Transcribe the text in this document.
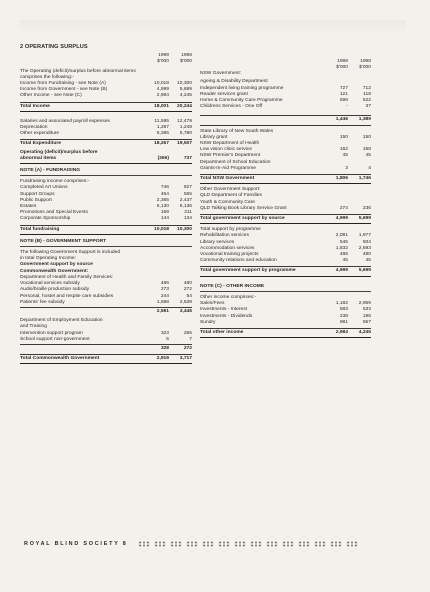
2 OPERATING SURPLUS
1999	1998
$'000	$'000
The Operating (deficit)/surplus before abnormal items comprises the following:-
Income from Fundraising - see Note (A)	10,018	10,300
Income from Government - see Note (B)	4,999	5,699
Other Income - see Note (C)	2,984	4,245
Total Income	18,001	20,244
Salaries and associated payroll expenses	11,595	12,479
Depreciation	1,287	1,248
Other expenditure	5,385	5,780
Total Expenditure	18,267	19,507
Operating (deficit)/surplus before
abnormal items	(266)	737
NOTE (A) - FUNDRAISING
Fundraising income comprises:-
Completed Art Unions	746	827
Support Groups	464	555
Public Support	2,365	2,437
Estates	6,130	6,136
Promotions and Special Events	169	211
Corporate Sponsorship	144	134
Total fundraising	10,018	10,300
NOTE (B) - GOVERNMENT SUPPORT
The following Government Support is included
in total Operating Income:
Government support by source
Commonwealth Government:
Department of Health and Family Services:
Vocational services subsidy	486	480
Audio/braille production subsidy	273	272
Personal, hostel and respite care subsidies	244	54
Patients' fee subsidy	1,588	2,639
2,591	3,445
Department of Employment Education
and Training
Intervention support program	323	265
School support non-government	5	7
328	272
Total Commonwealth Government	2,919	3,717
1999	1998
NSW Government:
$'000	$'000
Ageing & Disability Department
Independent living training programme	727	712
Reader services grant	121	118
Home & Community Care Programme	598	522
Childrens Services - One Off	-	37
1,446	1,389
State Library of New South Wales
Library grant	150	150
NSW Department of Health
Low vision clinic service	162	158
NSW Premier's Department	45	45
Department of School Education
Grants-In-Aid Programme	3	4
Total NSW Government	1,806	1,746
Other Government Support:
QLD Department of Families
Youth & Community Care
QLD Talking Book Library Service Grant	274	236
Total government support by source	4,999	5,699
Total support by programme
Rehabilitation services	2,091	1,977
Library services	545	504
Accommodation services	1,832	2,693
Vocational training projects	486	480
Community relations and education	45	45
Total government support by programme	4,999	5,699
NOTE (C) - OTHER INCOME
Other income comprises:-
Sales/Fees	1,182	2,959
Investments - Interest	583	533
Investments - Dividends	238	196
Sundry	981	557
Total other income	2,984	4,245
ROYAL BLIND SOCIETY 8
